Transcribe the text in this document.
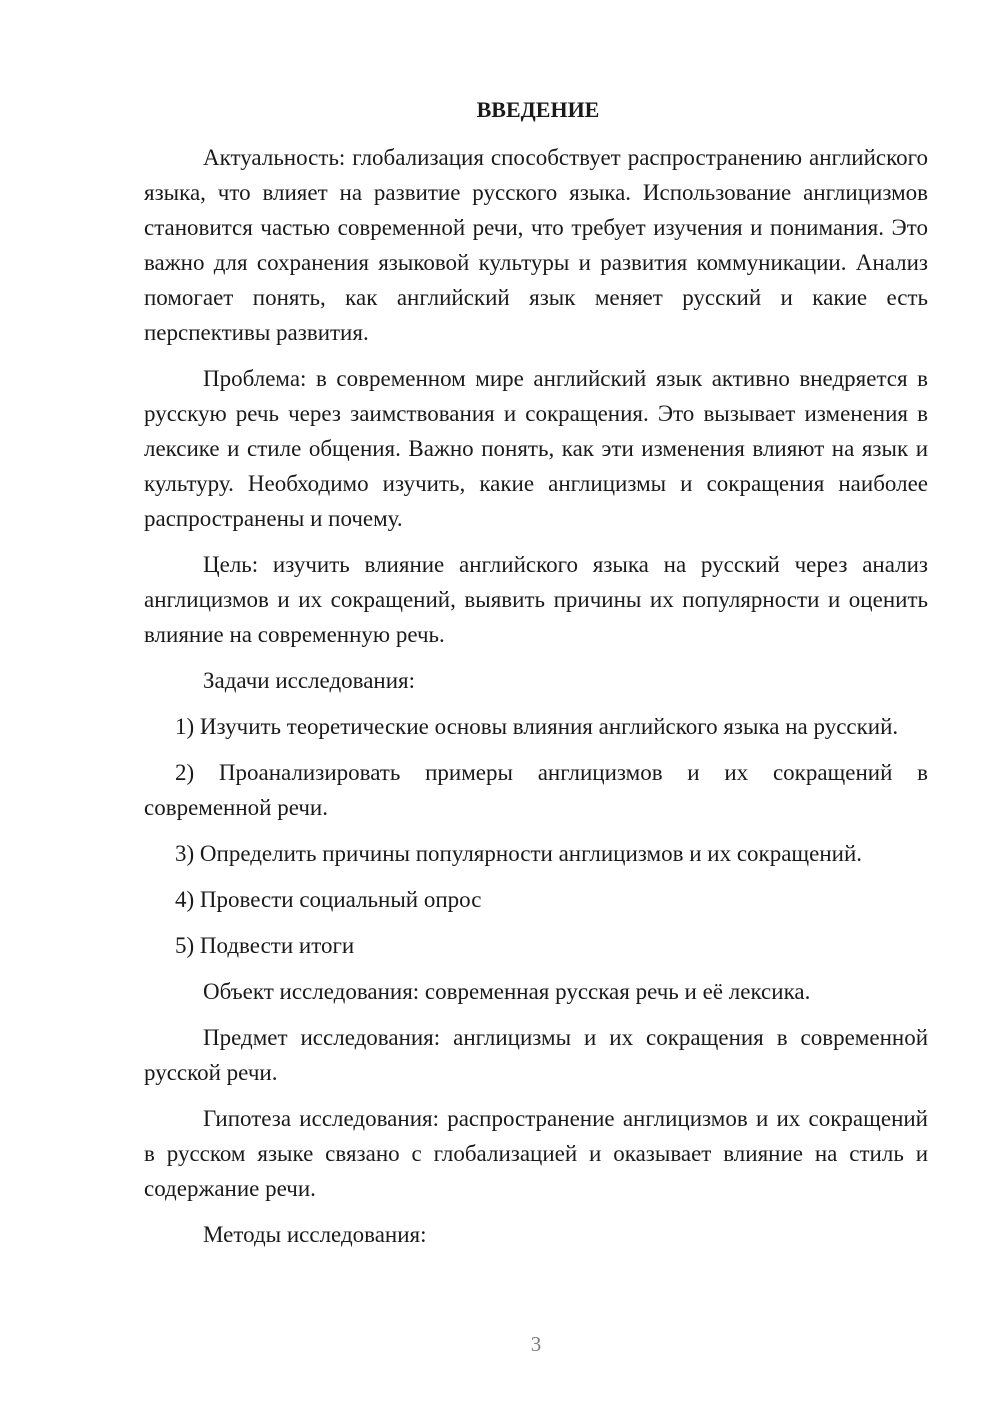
ВВЕДЕНИЕ

Актуальность: глобализация способствует распространению английского языка, что влияет на развитие русского языка. Использование англицизмов становится частью современной речи, что требует изучения и понимания. Это важно для сохранения языковой культуры и развития коммуникации. Анализ помогает понять, как английский язык меняет русский и какие есть перспективы развития.

Проблема: в современном мире английский язык активно внедряется в русскую речь через заимствования и сокращения. Это вызывает изменения в лексике и стиле общения. Важно понять, как эти изменения влияют на язык и культуру. Необходимо изучить, какие англицизмы и сокращения наиболее распространены и почему.

Цель: изучить влияние английского языка на русский через анализ англицизмов и их сокращений, выявить причины их популярности и оценить влияние на современную речь.

Задачи исследования:

1) Изучить теоретические основы влияния английского языка на русский.

2) Проанализировать примеры англицизмов и их сокращений в современной речи.

3) Определить причины популярности англицизмов и их сокращений.

4) Провести социальный опрос

5) Подвести итоги

Объект исследования: современная русская речь и её лексика.

Предмет исследования: англицизмы и их сокращения в современной русской речи.

Гипотеза исследования: распространение англицизмов и их сокращений в русском языке связано с глобализацией и оказывает влияние на стиль и содержание речи.

Методы исследования:

3
